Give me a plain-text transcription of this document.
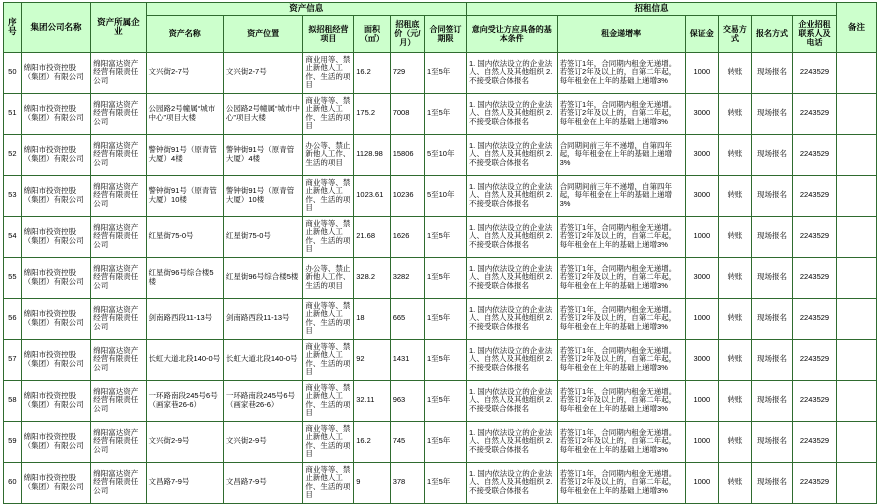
序号	集团公司名称	资产所属企业	资产信息						招租信息						备注
			资产名称	资产位置	拟招租经营项目	面积（㎡）	招租底价（元/月）	合同签订期限	意向受让方应具备的基本条件	租金递增率	保证金	交易方式	报名方式	企业招租联系人及电话	
50	绵阳市投资控股（集团）有限公司	绵阳富达资产经营有限责任公司	文兴街2-7号	文兴街2-7号	商业用等、禁止新他人工作、生活的项目	16.2	729	1至5年	1. 国内依法设立的企业法人、自然人及其他组织 2. 不接受联合体报名	若签订1年，合同期内租金无递增。若签订2年及以上的，自第二年起，每年租金在上年的基础上递增3%	1000	转账	现场报名	2243529	
51	绵阳市投资控股（集团）有限公司	绵阳富达资产经营有限责任公司	公园路2号幢属“城市中心”项目大楼	公园路2号幢属“城市中心”项目大楼	商业等等、禁止新他人工作、生活的项目	175.2	7008	1至5年	1. 国内依法设立的企业法人、自然人及其他组织 2. 不接受联合体报名	若签订1年，合同期内租金无递增。若签订2年及以上的，自第二年起，每年租金在上年的基础上递增3%	3000	转账	现场报名	2243529	
52	绵阳市投资控股（集团）有限公司	绵阳富达资产经营有限责任公司	警钟街91号（原青管大厦）4楼	警钟街91号（原青管大厦）4楼	办公等、禁止新他人工作、生活的项目	1128.98	15806	5至10年	1. 国内依法设立的企业法人、自然人及其他组织 2. 不接受联合体报名	合同期间前三年不递增，自第四年起，每年租金在上年的基础上递增3%	3000	转账	现场报名	2243529	
53	绵阳市投资控股（集团）有限公司	绵阳富达资产经营有限责任公司	警钟街91号（原青管大厦）10楼	警钟街91号（原青管大厦）10楼	商业等等、禁止新他人工作、生活的项目	1023.61	10236	5至10年	1. 国内依法设立的企业法人、自然人及其他组织 2. 不接受联合体报名	合同期间前三年不递增，自第四年起，每年租金在上年的基础上递增3%	3000	转账	现场报名	2243529	
54	绵阳市投资控股（集团）有限公司	绵阳富达资产经营有限责任公司	红星街75-0号	红星街75-0号	商业等等、禁止新他人工作、生活的项目	21.68	1626	1至5年	1. 国内依法设立的企业法人、自然人及其他组织 2. 不接受联合体报名	若签订1年，合同期内租金无递增。若签订2年及以上的，自第二年起，每年租金在上年的基础上递增3%	1000	转账	现场报名	2243529	
55	绵阳市投资控股（集团）有限公司	绵阳富达资产经营有限责任公司	红星街96号综合楼5楼	红星街96号综合楼5楼	办公等、禁止新他人工作、生活的项目	328.2	3282	1至5年	1. 国内依法设立的企业法人、自然人及其他组织 2. 不接受联合体报名	若签订1年，合同期内租金无递增。若签订2年及以上的，自第二年起，每年租金在上年的基础上递增3%	3000	转账	现场报名	2243529	
56	绵阳市投资控股（集团）有限公司	绵阳富达资产经营有限责任公司	剑南路西段11-13号	剑南路西段11-13号	商业等等、禁止新他人工作、生活的项目	18	665	1至5年	1. 国内依法设立的企业法人、自然人及其他组织 2. 不接受联合体报名	若签订1年，合同期内租金无递增。若签订2年及以上的，自第二年起，每年租金在上年的基础上递增3%	1000	转账	现场报名	2243529	
57	绵阳市投资控股（集团）有限公司	绵阳富达资产经营有限责任公司	长虹大道北段140-0号	长虹大道北段140-0号	商业等等、禁止新他人工作、生活的项目	92	1431	1至5年	1. 国内依法设立的企业法人、自然人及其他组织 2. 不接受联合体报名	若签订1年，合同期内租金无递增。若签订2年及以上的，自第二年起，每年租金在上年的基础上递增3%	3000	转账	现场报名	2243529	
58	绵阳市投资控股（集团）有限公司	绵阳富达资产经营有限责任公司	一环路南段245号6号（画家巷26-6）	一环路南段245号6号（画家巷26-6）	商业等等、禁止新他人工作、生活的项目	32.11	963	1至5年	1. 国内依法设立的企业法人、自然人及其他组织 2. 不接受联合体报名	若签订1年，合同期内租金无递增。若签订2年及以上的，自第二年起，每年租金在上年的基础上递增3%	1000	转账	现场报名	2243529	
59	绵阳市投资控股（集团）有限公司	绵阳富达资产经营有限责任公司	文兴街2-9号	文兴街2-9号	商业等等、禁止新他人工作、生活的项目	16.2	745	1至5年	1. 国内依法设立的企业法人、自然人及其他组织 2. 不接受联合体报名	若签订1年，合同期内租金无递增。若签订2年及以上的，自第二年起，每年租金在上年的基础上递增3%	1000	转账	现场报名	2243529	
60	绵阳市投资控股（集团）有限公司	绵阳富达资产经营有限责任公司	文昌路7-9号	文昌路7-9号	商业等等、禁止新他人工作、生活的项目	9	378	1至5年	1. 国内依法设立的企业法人、自然人及其他组织 2. 不接受联合体报名	若签订1年，合同期内租金无递增。若签订2年及以上的，自第二年起，每年租金在上年的基础上递增3%	1000	转账	现场报名	2243529	
